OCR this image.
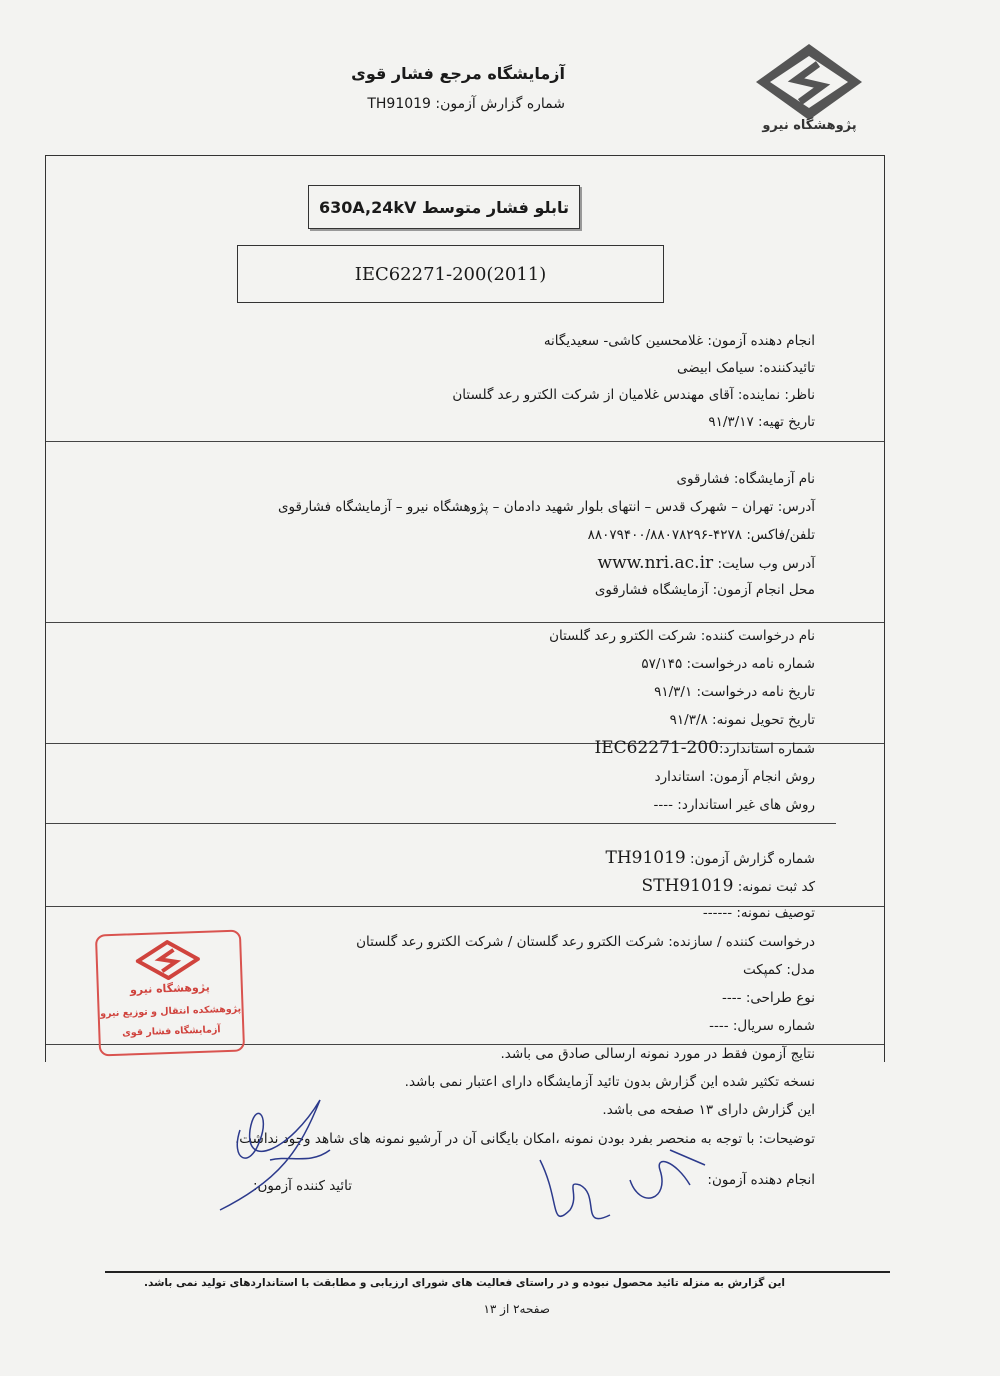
آزمایشگاه مرجع فشار قوی
شماره گزارش آزمون: TH91019
پژوهشگاه نیرو
تابلو فشار متوسط 630A,24kV
IEC62271-200(2011)
انجام دهنده آزمون: غلامحسین کاشی- سعیدیگانه
تائیدکننده: سیامک ابیضی
ناظر: نماینده: آقای مهندس غلامیان از شرکت الکترو رعد گلستان
تاریخ تهیه: ۹۱/۳/۱۷
نام آزمایشگاه: فشارقوی
آدرس: تهران – شهرک قدس – انتهای بلوار شهید دادمان – پژوهشگاه نیرو – آزمایشگاه فشارقوی
تلفن/فاکس: ۴۲۷۸-۸۸۰۷۹۴۰۰/۸۸۰۷۸۲۹۶
آدرس وب سایت: www.nri.ac.ir
محل انجام آزمون: آزمایشگاه فشارقوی
نام درخواست کننده: شرکت الکترو رعد گلستان
شماره نامه درخواست: ۵۷/۱۴۵
تاریخ نامه درخواست: ۹۱/۳/۱
تاریخ تحویل نمونه: ۹۱/۳/۸
شماره استاندارد:IEC62271-200
روش انجام آزمون: استاندارد
روش های غیر استاندارد: ----
شماره گزارش آزمون: TH91019
کد ثبت نمونه: STH91019
توصیف نمونه: ------
درخواست کننده / سازنده: شرکت الکترو رعد گلستان / شرکت الکترو رعد گلستان
مدل: کمپکت
نوع طراحی: ----
شماره سریال: ----
نتایج آزمون فقط در مورد نمونه ارسالی صادق می باشد.
نسخه تکثیر شده این گزارش بدون تائید آزمایشگاه دارای اعتبار نمی باشد.
این گزارش دارای ۱۳ صفحه می باشد.
توضیحات: با توجه به منحصر بفرد بودن نمونه ،امکان بایگانی آن در آرشیو نمونه های شاهد وجود نداشت.
انجام دهنده آزمون:
تائید کننده آزمون:
پژوهشگاه نیرو
پژوهشکده انتقال و توزیع نیرو
آزمایشگاه فشار قوی
این گزارش به منزله تائید محصول نبوده و در راستای فعالیت های شورای ارزیابی و مطابقت با استانداردهای تولید نمی باشد.
صفحه۲ از ۱۳
